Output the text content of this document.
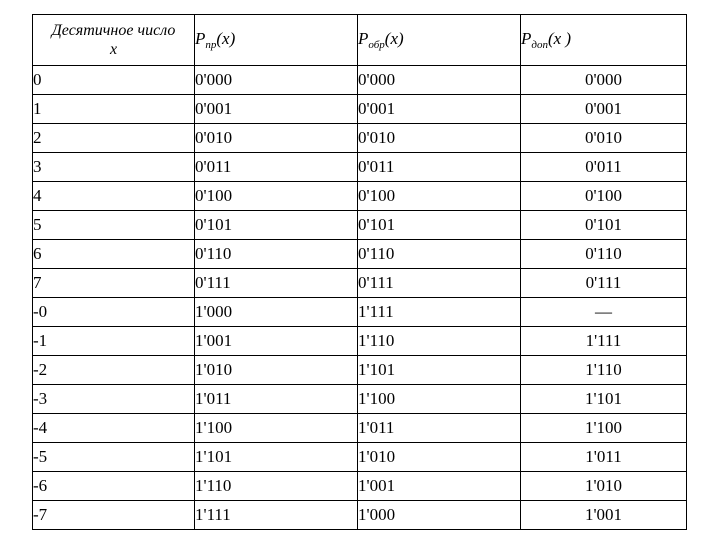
Десятичное число
x	$P_{пр}(x)$	$P_{обр}(x)$	$P_{доп}(x$ )
0	0'000	0'000	0'000
1	0'001	0'001	0'001
2	0'010	0'010	0'010
3	0'011	0'011	0'011
4	0'100	0'100	0'100
5	0'101	0'101	0'101
6	0'110	0'110	0'110
7	0'111	0'111	0'111
-0	1'000	1'111	—
-1	1'001	1'110	1'111
-2	1'010	1'101	1'110
-3	1'011	1'100	1'101
-4	1'100	1'011	1'100
-5	1'101	1'010	1'011
-6	1'110	1'001	1'010
-7	1'111	1'000	1'001
